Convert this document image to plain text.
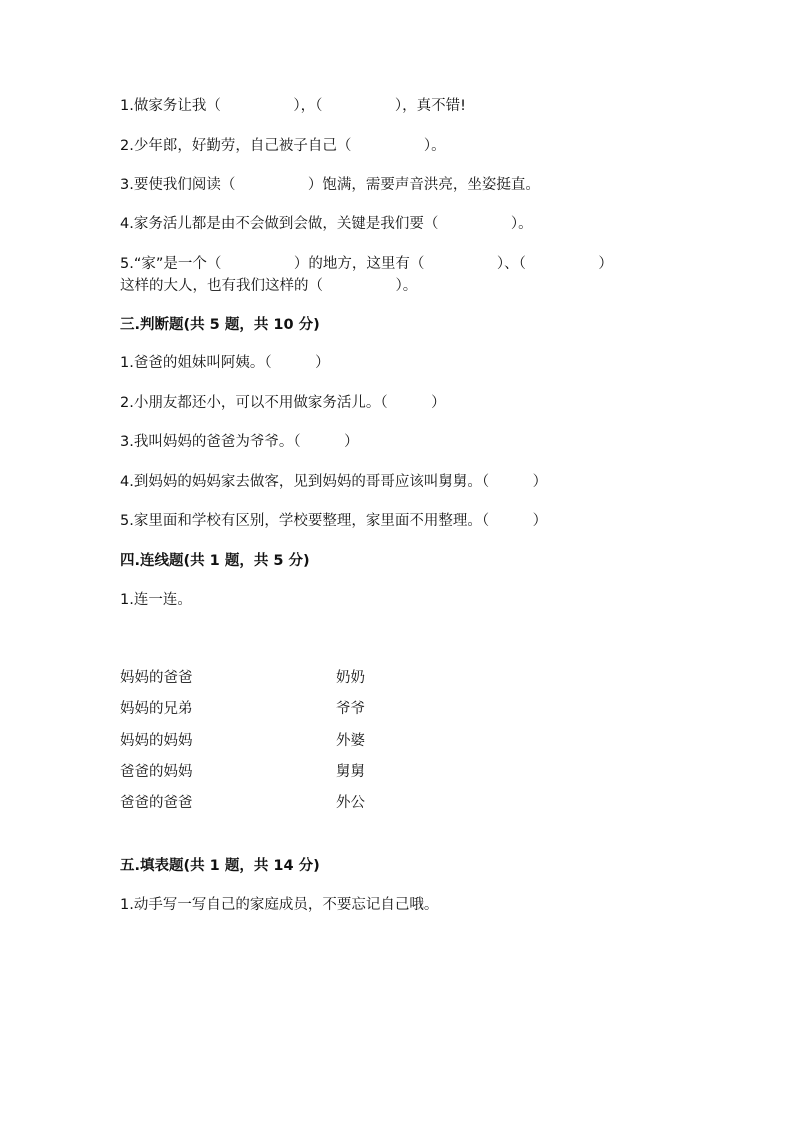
1.做家务让我（　　　　　），（　　　　　），真不错!
2.少年郎，好勤劳，自己被子自己（　　　　　）。
3.要使我们阅读（　　　　　）饱满，需要声音洪亮，坐姿挺直。
4.家务活儿都是由不会做到会做，关键是我们要（　　　　　）。
5.“家”是一个（　　　　　）的地方，这里有（　　　　　）、（　　　　　）
这样的大人，也有我们这样的（　　　　　）。
三.判断题(共 5 题，共 10 分)
1.爸爸的姐妹叫阿姨。（　　　）
2.小朋友都还小，可以不用做家务活儿。（　　　）
3.我叫妈妈的爸爸为爷爷。（　　　）
4.到妈妈的妈妈家去做客，见到妈妈的哥哥应该叫舅舅。（　　　）
5.家里面和学校有区别，学校要整理，家里面不用整理。（　　　）
四.连线题(共 1 题，共 5 分)
1.连一连。
妈妈的爸爸	奶奶
妈妈的兄弟	爷爷
妈妈的妈妈	外婆
爸爸的妈妈	舅舅
爸爸的爸爸	外公
五.填表题(共 1 题，共 14 分)
1.动手写一写自己的家庭成员，不要忘记自己哦。
